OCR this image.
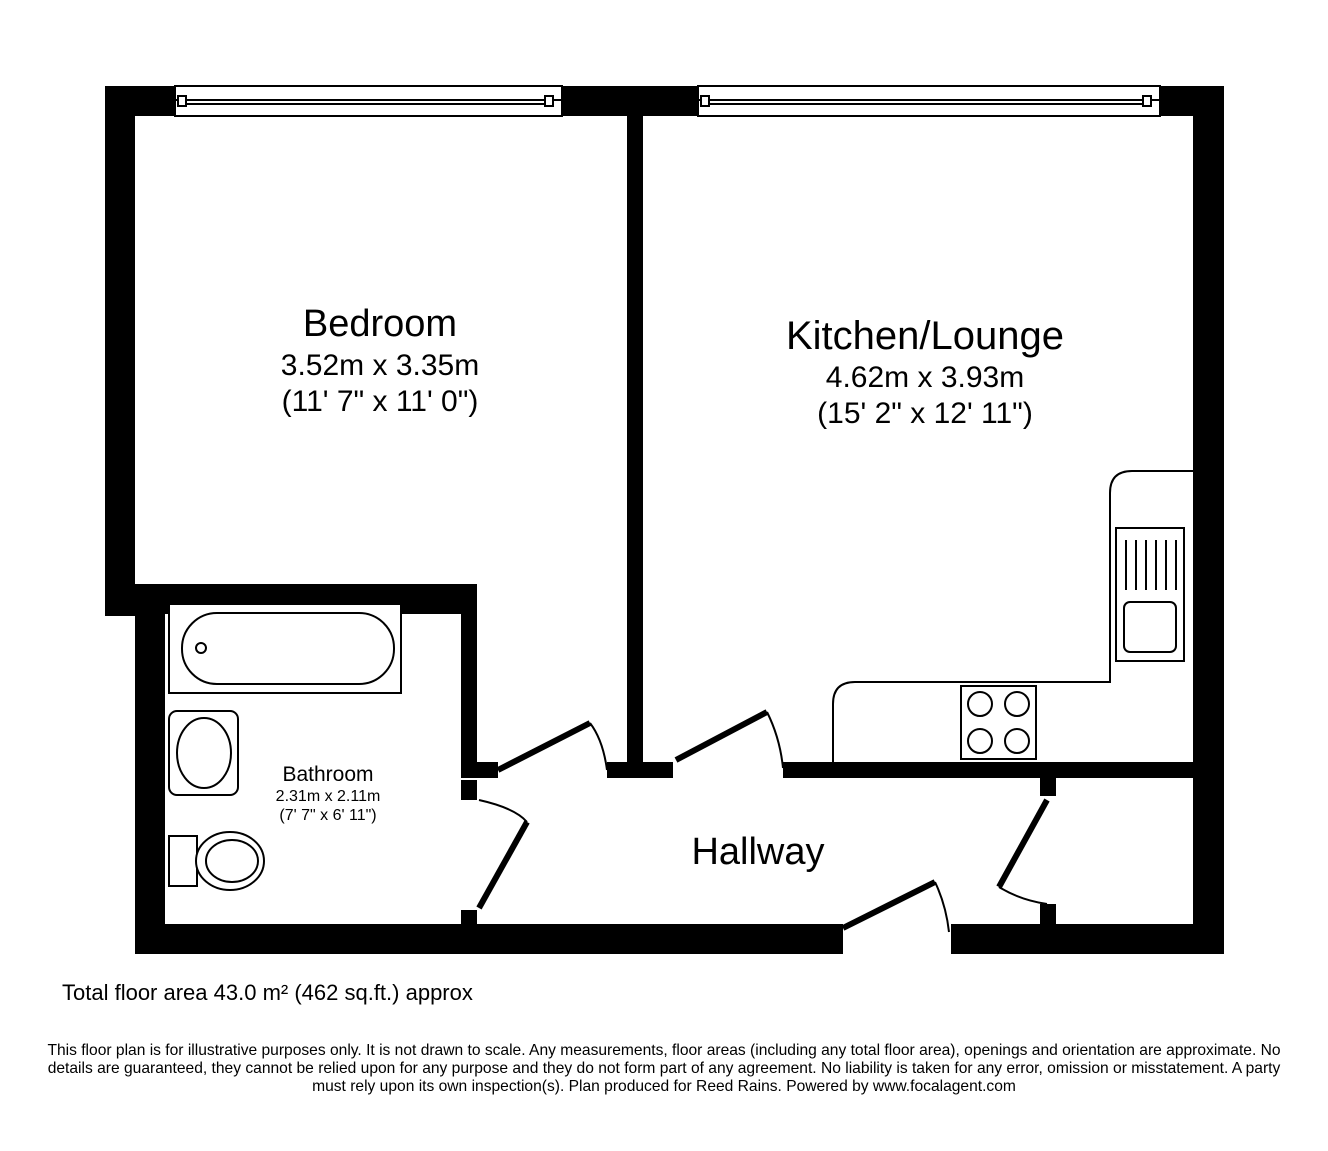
Bedroom
3.52m x 3.35m
(11' 7" x 11' 0")
Kitchen/Lounge
4.62m x 3.93m
(15' 2" x 12' 11")
Bathroom
2.31m x 2.11m
(7' 7" x 6' 11")
Hallway
Total floor area 43.0 m² (462 sq.ft.) approx
This floor plan is for illustrative purposes only. It is not drawn to scale. Any measurements, floor areas (including any total floor area), openings and orientation are approximate. No details are guaranteed, they cannot be relied upon for any purpose and they do not form part of any agreement. No liability is taken for any error, omission or misstatement. A party must rely upon its own inspection(s). Plan produced for Reed Rains. Powered by www.focalagent.com
